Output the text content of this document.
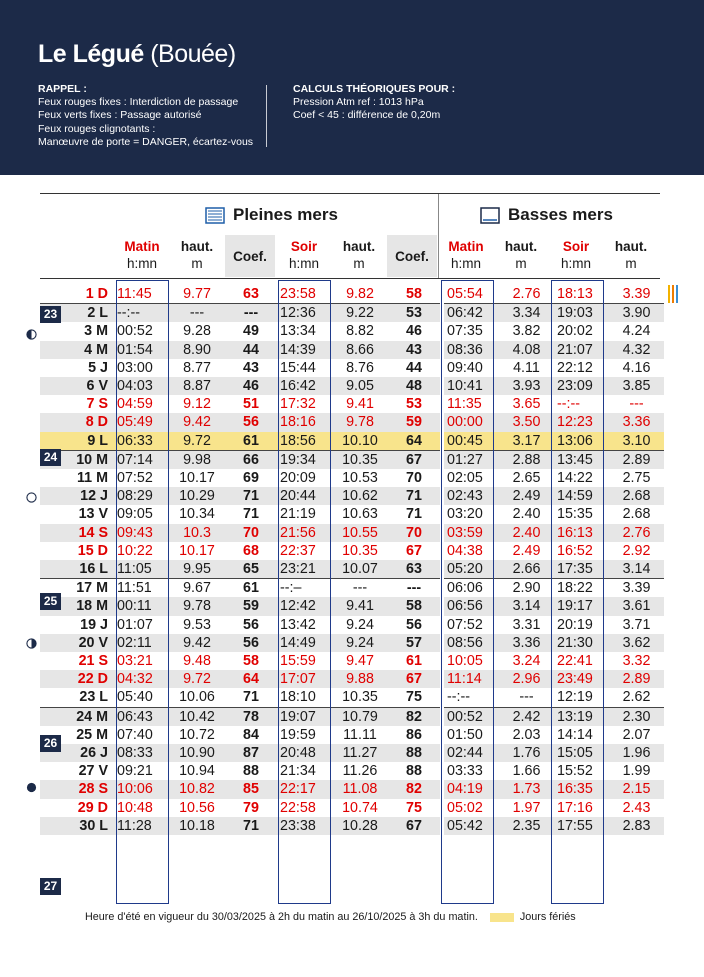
Le Légué (Bouée)
RAPPEL :
Feux rouges fixes : Interdiction de passage
Feux verts fixes : Passage autorisé
Feux rouges clignotants :
Manœuvre de porte = DANGER, écartez-vous
CALCULS THÉORIQUES POUR :
Pression Atm ref : 1013 hPa
Coef < 45 : différence de 0,20m
Pleines mers	Basses mers
Matin
h:mn
haut.
m	Coef.
Soir
h:mn
haut.
m	Coef.
Matin
h:mn
haut.
m
Soir
h:mn
haut.
m
	1 D	11:45	9.77	63	23:58	9.82	58		05:54	2.76	18:13	3.39	
	2 L	--:--	---	---	12:36	9.22	53		06:42	3.34	19:03	3.90	
	3 M	00:52	9.28	49	13:34	8.82	46		07:35	3.82	20:02	4.24	
	4 M	01:54	8.90	44	14:39	8.66	43		08:36	4.08	21:07	4.32	
	5 J	03:00	8.77	43	15:44	8.76	44		09:40	4.11	22:12	4.16	
	6 V	04:03	8.87	46	16:42	9.05	48		10:41	3.93	23:09	3.85	
	7 S	04:59	9.12	51	17:32	9.41	53		11:35	3.65	--:--	---	
	8 D	05:49	9.42	56	18:16	9.78	59		00:00	3.50	12:23	3.36	
	9 L	06:33	9.72	61	18:56	10.10	64		00:45	3.17	13:06	3.10	
	10 M	07:14	9.98	66	19:34	10.35	67		01:27	2.88	13:45	2.89	
	11 M	07:52	10.17	69	20:09	10.53	70		02:05	2.65	14:22	2.75	
	12 J	08:29	10.29	71	20:44	10.62	71		02:43	2.49	14:59	2.68	
	13 V	09:05	10.34	71	21:19	10.63	71		03:20	2.40	15:35	2.68	
	14 S	09:43	10.3	70	21:56	10.55	70		03:59	2.40	16:13	2.76	
	15 D	10:22	10.17	68	22:37	10.35	67		04:38	2.49	16:52	2.92	
	16 L	11:05	9.95	65	23:21	10.07	63		05:20	2.66	17:35	3.14	
	17 M	11:51	9.67	61	--:–	---	---		06:06	2.90	18:22	3.39	
	18 M	00:11	9.78	59	12:42	9.41	58		06:56	3.14	19:17	3.61	
	19 J	01:07	9.53	56	13:42	9.24	56		07:52	3.31	20:19	3.71	
	20 V	02:11	9.42	56	14:49	9.24	57		08:56	3.36	21:30	3.62	
	21 S	03:21	9.48	58	15:59	9.47	61		10:05	3.24	22:41	3.32	
	22 D	04:32	9.72	64	17:07	9.88	67		11:14	2.96	23:49	2.89	
	23 L	05:40	10.06	71	18:10	10.35	75		--:--	---	12:19	2.62	
	24 M	06:43	10.42	78	19:07	10.79	82		00:52	2.42	13:19	2.30	
	25 M	07:40	10.72	84	19:59	11.11	86		01:50	2.03	14:14	2.07	
	26 J	08:33	10.90	87	20:48	11.27	88		02:44	1.76	15:05	1.96	
	27 V	09:21	10.94	88	21:34	11.26	88		03:33	1.66	15:52	1.99	
	28 S	10:06	10.82	85	22:17	11.08	82		04:19	1.73	16:35	2.15	
	29 D	10:48	10.56	79	22:58	10.74	75		05:02	1.97	17:16	2.43	
	30 L	11:28	10.18	71	23:38	10.28	67		05:42	2.35	17:55	2.83	
23
24
25
26
27
Heure d'été en vigueur du 30/03/2025 à 2h du matin au 26/10/2025 à 3h du matin.	Jours fériés
